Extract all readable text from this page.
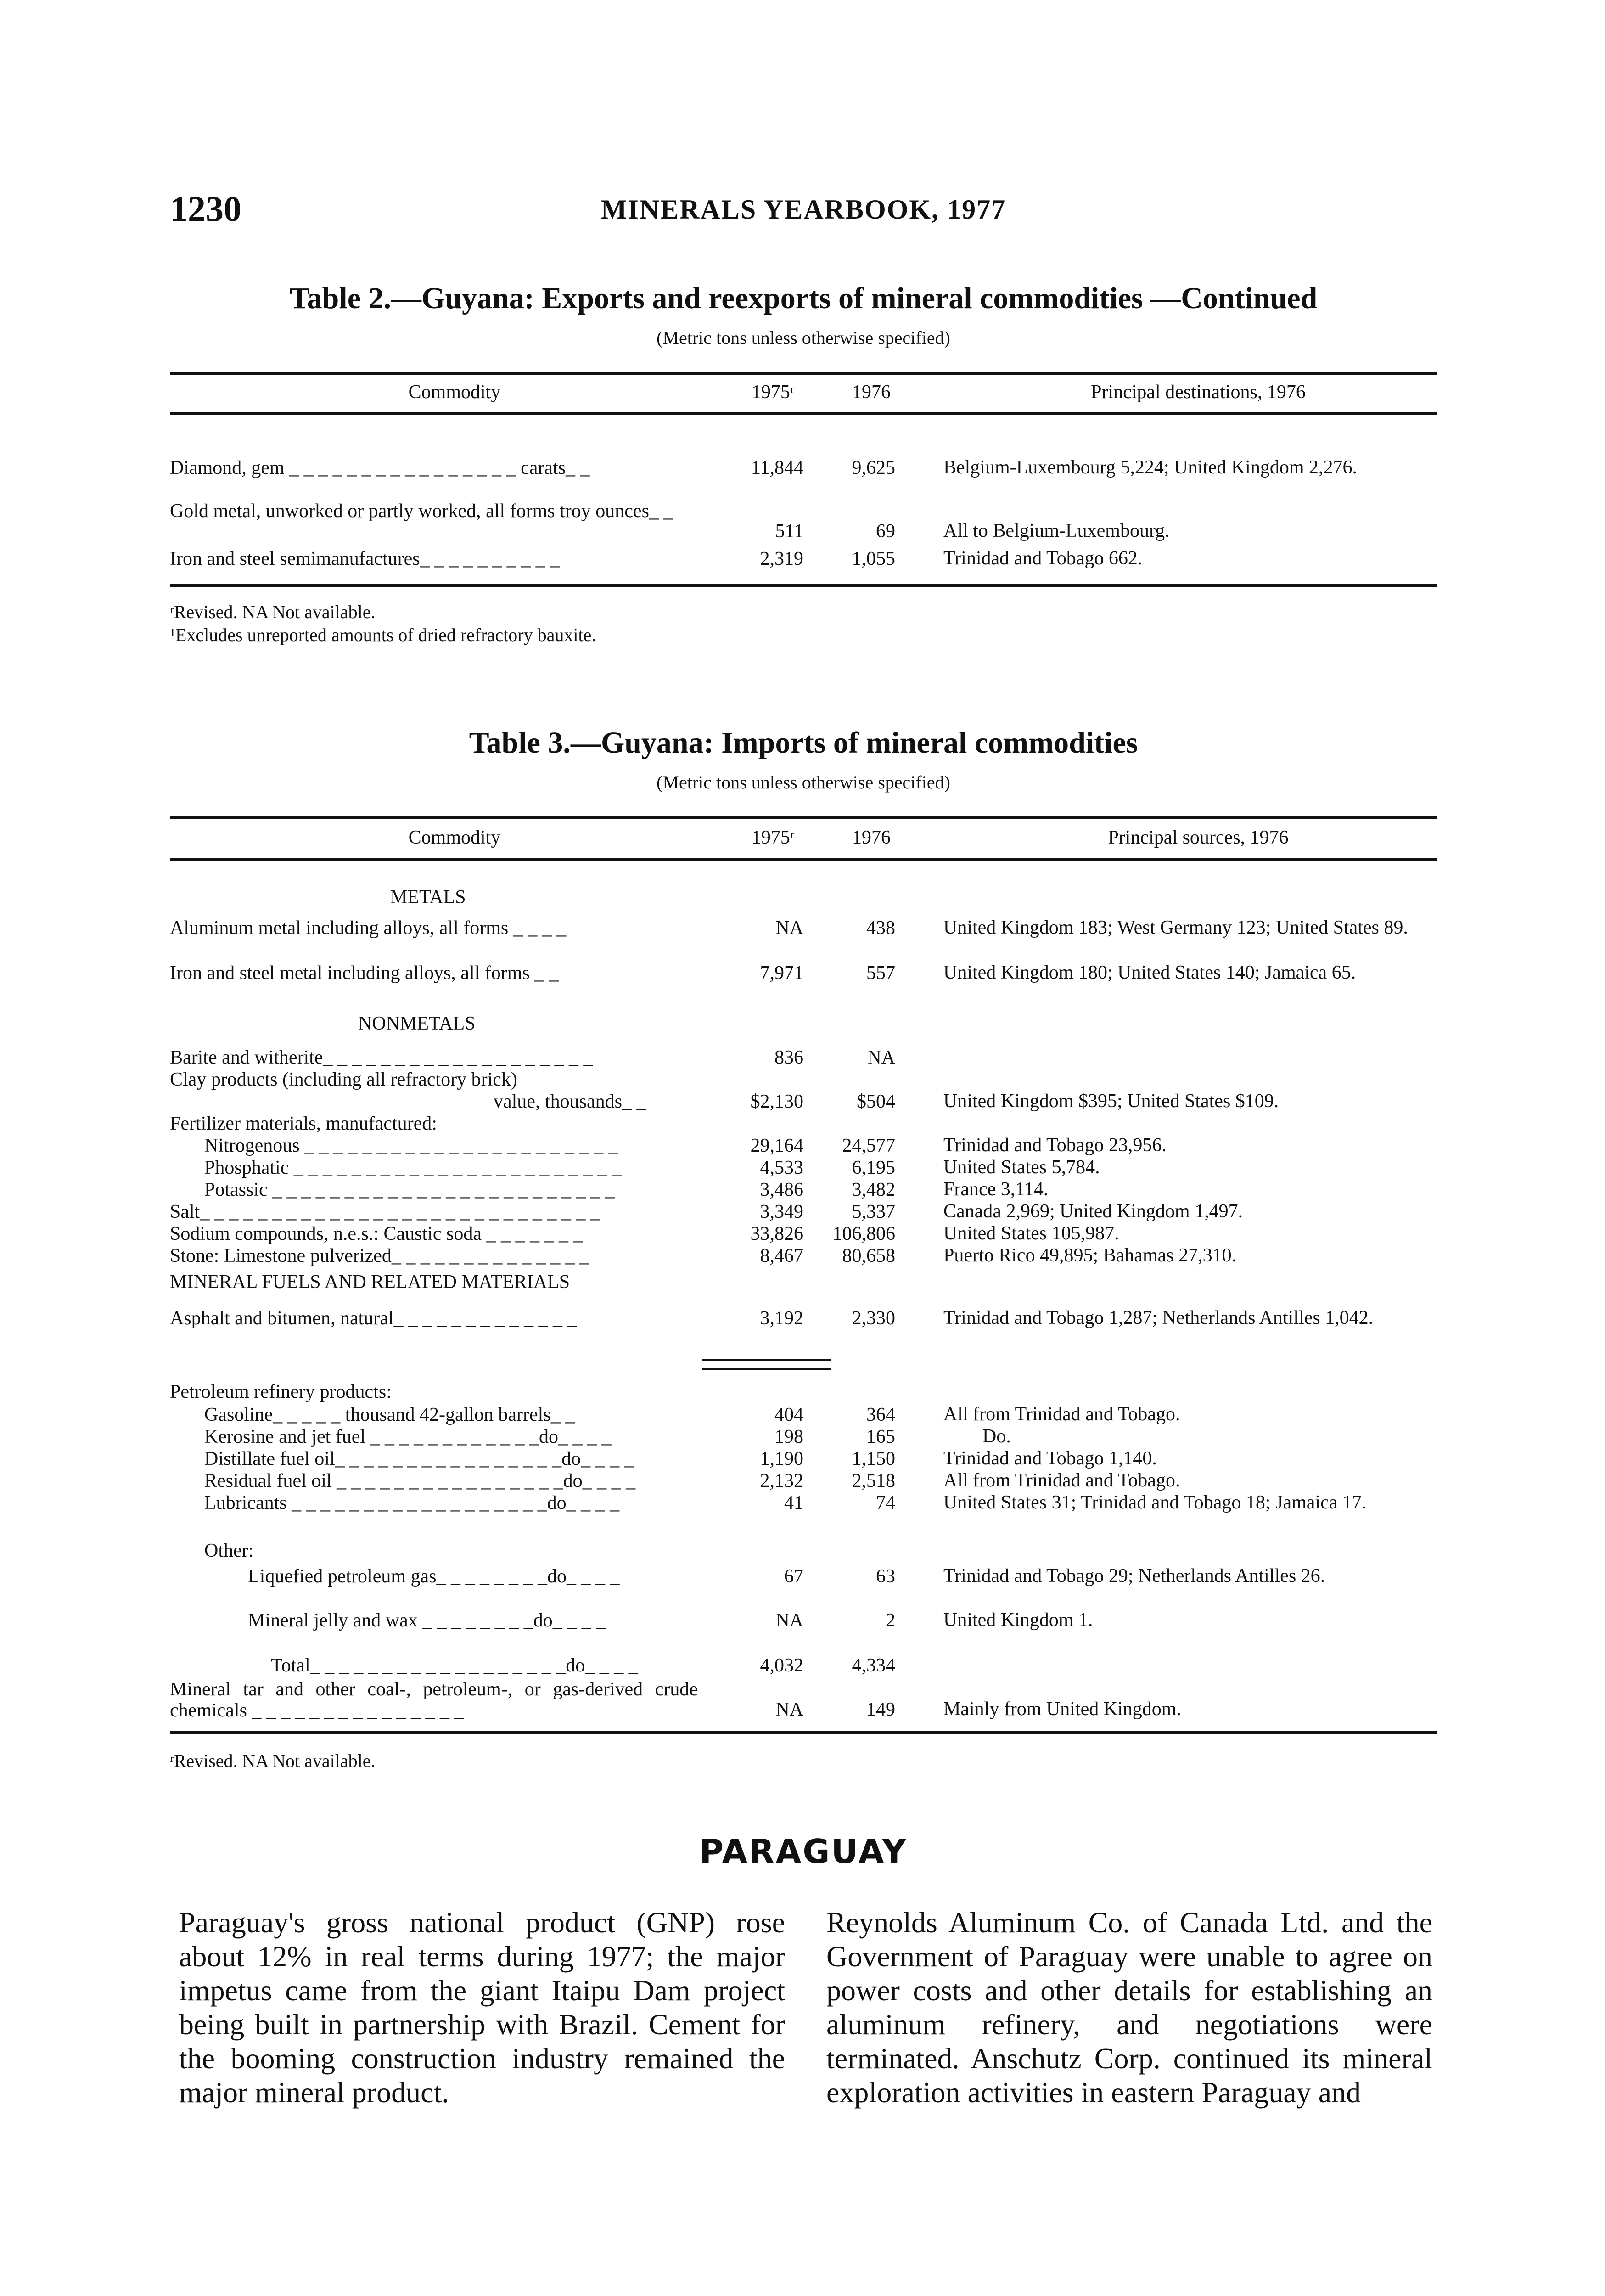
1230	MINERALS YEARBOOK, 1977
Table 2.—Guyana: Exports and reexports of mineral commodities —Continued
(Metric tons unless otherwise specified)
Commodity	1975ʳ	1976	Principal destinations, 1976
Diamond, gem _ _ _ _ _ _ _ _ _ _ _ _ _ _ _ _ carats_ _	11,844	9,625	Belgium-Luxembourg 5,224; United Kingdom 2,276.
Gold metal, unworked or partly worked, all forms troy ounces_ _
511	69	All to Belgium-Luxembourg.
Iron and steel semimanufactures_ _ _ _ _ _ _ _ _ _	2,319	1,055	Trinidad and Tobago 662.
ʳRevised. NA Not available.
¹Excludes unreported amounts of dried refractory bauxite.
Table 3.—Guyana: Imports of mineral commodities
(Metric tons unless otherwise specified)
Commodity	1975ʳ	1976	Principal sources, 1976
METALS
Aluminum metal including alloys, all forms _ _ _ _	NA	438	United Kingdom 183; West Germany 123; United States 89.
Iron and steel metal including alloys, all forms _ _	7,971	557	United Kingdom 180; United States 140; Jamaica 65.
NONMETALS
Barite and witherite_ _ _ _ _ _ _ _ _ _ _ _ _ _ _ _ _ _ _	836	NA
Clay products (including all refractory brick)
value, thousands_ _	$2,130	$504	United Kingdom $395; United States $109.
Fertilizer materials, manufactured:
Nitrogenous _ _ _ _ _ _ _ _ _ _ _ _ _ _ _ _ _ _ _ _ _ _	29,164	24,577	Trinidad and Tobago 23,956.
Phosphatic _ _ _ _ _ _ _ _ _ _ _ _ _ _ _ _ _ _ _ _ _ _ _	4,533	6,195	United States 5,784.
Potassic _ _ _ _ _ _ _ _ _ _ _ _ _ _ _ _ _ _ _ _ _ _ _ _	3,486	3,482	France 3,114.
Salt_ _ _ _ _ _ _ _ _ _ _ _ _ _ _ _ _ _ _ _ _ _ _ _ _ _ _ _	3,349	5,337	Canada 2,969; United Kingdom 1,497.
Sodium compounds, n.e.s.: Caustic soda _ _ _ _ _ _ _	33,826	106,806	United States 105,987.
Stone: Limestone pulverized_ _ _ _ _ _ _ _ _ _ _ _ _ _	8,467	80,658	Puerto Rico 49,895; Bahamas 27,310.
MINERAL FUELS AND RELATED MATERIALS
Asphalt and bitumen, natural_ _ _ _ _ _ _ _ _ _ _ _ _	3,192	2,330	Trinidad and Tobago 1,287; Netherlands Antilles 1,042.
Petroleum refinery products:
Gasoline_ _ _ _ _ thousand 42-gallon barrels_ _	404	364	All from Trinidad and Tobago.
Kerosine and jet fuel _ _ _ _ _ _ _ _ _ _ _ _do_ _ _ _	198	165	Do.
Distillate fuel oil_ _ _ _ _ _ _ _ _ _ _ _ _ _ _ _do_ _ _ _	1,190	1,150	Trinidad and Tobago 1,140.
Residual fuel oil _ _ _ _ _ _ _ _ _ _ _ _ _ _ _ _do_ _ _ _	2,132	2,518	All from Trinidad and Tobago.
Lubricants _ _ _ _ _ _ _ _ _ _ _ _ _ _ _ _ _ _do_ _ _ _	41	74	United States 31; Trinidad and Tobago 18; Jamaica 17.
Other:
Liquefied petroleum gas_ _ _ _ _ _ _ _do_ _ _ _	67	63	Trinidad and Tobago 29; Netherlands Antilles 26.
Mineral jelly and wax _ _ _ _ _ _ _ _do_ _ _ _	NA	2	United Kingdom 1.
Total_ _ _ _ _ _ _ _ _ _ _ _ _ _ _ _ _ _do_ _ _ _	4,032	4,334
Mineral tar and other coal-, petroleum-, or gas-derived crude chemicals _ _ _ _ _ _ _ _ _ _ _ _ _ _ _	NA	149	Mainly from United Kingdom.
ʳRevised. NA Not available.
PARAGUAY
Paraguay's gross national product (GNP) rose about 12% in real terms during 1977; the major impetus came from the giant Itaipu Dam project being built in partnership with Brazil. Cement for the booming construction industry remained the major mineral product.
Reynolds Aluminum Co. of Canada Ltd. and the Government of Paraguay were unable to agree on power costs and other details for establishing an aluminum refinery, and negotiations were terminated. Anschutz Corp. continued its mineral exploration activities in eastern Paraguay and
